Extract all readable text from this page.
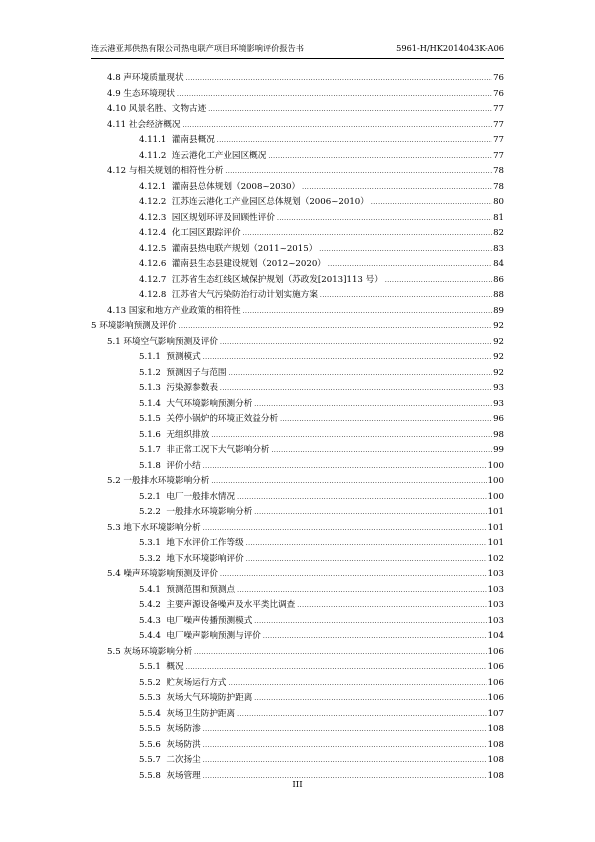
连云港亚邦供热有限公司热电联产项目环境影响评价报告书	5961-H/HK2014043K-A06
4.8 声环境质量现状 .....	76
4.9 生态环境现状 .....	76
4.10 风景名胜、文物古迹 .....	77
4.11 社会经济概况 .....	77
4.11.1 灌南县概况 .....	77
4.11.2 连云港化工产业园区概况 .....	77
4.12 与相关规划的相符性分析 .....	78
4.12.1 灌南县总体规划（2008~2030） .....	78
4.12.2 江苏连云港化工产业园区总体规划（2006~2010） .....	80
4.12.3 园区规划环评及回顾性评价 .....	81
4.12.4 化工园区跟踪评价 .....	82
4.12.5 灌南县热电联产规划（2011~2015） .....	83
4.12.6 灌南县生态县建设规划（2012~2020） .....	84
4.12.7 江苏省生态红线区域保护规划（苏政发[2013]113 号） .....	86
4.12.8 江苏省大气污染防治行动计划实施方案 .....	88
4.13 国家和地方产业政策的相符性 .....	89
5 环境影响预测及评价 .....	92
5.1 环境空气影响预测及评价 .....	92
5.1.1 预测模式 .....	92
5.1.2 预测因子与范围 .....	92
5.1.3 污染源参数表 .....	93
5.1.4 大气环境影响预测分析 .....	93
5.1.5 关停小锅炉的环境正效益分析 .....	96
5.1.6 无组织排放 .....	98
5.1.7 非正常工况下大气影响分析 .....	99
5.1.8 评价小结 .....	100
5.2 一般排水环境影响分析 .....	100
5.2.1 电厂一般排水情况 .....	100
5.2.2 一般排水环境影响分析 .....	101
5.3 地下水环境影响分析 .....	101
5.3.1 地下水评价工作等级 .....	101
5.3.2 地下水环境影响评价 .....	102
5.4 噪声环境影响预测及评价 .....	103
5.4.1 预测范围和预测点 .....	103
5.4.2 主要声源设备噪声及水平类比调查 .....	103
5.4.3 电厂噪声传播预测模式 .....	103
5.4.4 电厂噪声影响预测与评价 .....	104
5.5 灰场环境影响分析 .....	106
5.5.1 概况 .....	106
5.5.2 贮灰场运行方式 .....	106
5.5.3 灰场大气环境防护距离 .....	106
5.5.4 灰场卫生防护距离 .....	107
5.5.5 灰场防渗 .....	108
5.5.6 灰场防洪 .....	108
5.5.7 二次扬尘 .....	108
5.5.8 灰场管理 .....	108
III
